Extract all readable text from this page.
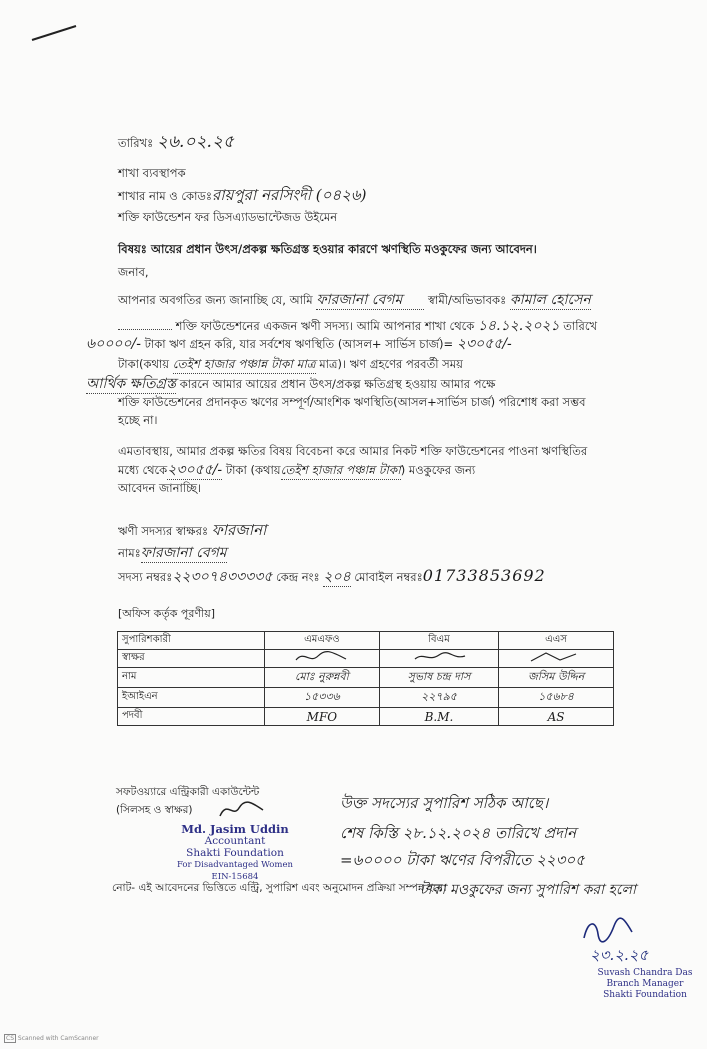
তারিখঃ ২৬.০২.২৫
শাখা ব্যবস্থাপক
শাখার নাম ও কোডঃরায়পুরা নরসিংদী (০৪২৬)
শক্তি ফাউন্ডেশন ফর ডিসএ্যাডভান্টেজড উইমেন
বিষয়ঃ আয়ের প্রধান উৎস/প্রকল্প ক্ষতিগ্রস্ত হওয়ার কারণে ঋণস্থিতি মওকুফের জন্য আবেদন।
জনাব,
আপনার অবগতির জন্য জানাচ্ছি যে, আমি ফারজানা বেগম স্বামী/অভিভাবকঃ কামাল হোসেন
শক্তি ফাউন্ডেশনের একজন ঋণী সদস্য। আমি আপনার শাখা থেকে ১৪.১২.২০২১ তারিখে
৬০০০০/- টাকা ঋণ গ্রহন করি, যার সর্বশেষ ঋণস্থিতি (আসল+ সার্ভিস চার্জ)= ২৩০৫৫/-
টাকা(কথায় তেইশ হাজার পঞ্চান্ন টাকা মাত্র মাত্র)। ঋণ গ্রহণের পরবর্তী সময়
আর্থিক ক্ষতিগ্রস্ত কারনে আমার আয়ের প্রধান উৎস/প্রকল্প ক্ষতিগ্রস্থ হওয়ায় আমার পক্ষে
শক্তি ফাউন্ডেশনের প্রদানকৃত ঋণের সম্পূর্ণ/আংশিক ঋণস্থিতি(আসল+সার্ভিস চার্জ) পরিশোধ করা সম্ভব
হচ্ছে না।
এমতাবস্থায়, আমার প্রকল্প ক্ষতির বিষয় বিবেচনা করে আমার নিকট শক্তি ফাউন্ডেশনের পাওনা ঋণস্থিতির
মধ্যে থেকে২৩০৫৫/- টাকা (কথায়তেইশ হাজার পঞ্চান্ন টাকা) মওকুফের জন্য
আবেদন জানাচ্ছি।
ঋণী সদস্যর স্বাক্ষরঃ ফারজানা
নামঃফারজানা বেগম
সদস্য নম্বরঃ২২৩০৭৪৩৩৩৩৫ কেন্দ্র নংঃ ২০৪ মোবাইল নম্বরঃ01733853692
[অফিস কর্তৃক পূরণীয়]
সুপারিশকারী	এমএফও	বিএম	এএস
স্বাক্ষর			
নাম	মোঃ নুরুন্নবী	সুভাষ চন্দ্র দাস	জসিম উদ্দিন
ইআইএন	১৫৩৩৬	২২৭৯৫	১৫৬৮৪
পদবী	MFO	B.M.	AS
সফটওয়্যারে এন্ট্রিকারী একাউন্টেন্ট
(সিলসহ ও স্বাক্ষর)
Md. Jasim Uddin
Accountant
Shakti Foundation
For Disadvantaged Women
EIN-15684
উক্ত সদস্যের সুপারিশ সঠিক আছে।
শেষ কিস্তি ২৮.১২.২০২৪ তারিখে প্রদান
=৬০০০০ টাকা ঋণের বিপরীতে ২২৩০৫
টাকা মওকুফের জন্য সুপারিশ করা হলো
নোট- এই আবেদনের ভিত্তিতে এন্ট্রি, সুপারিশ এবং অনুমোদন প্রক্রিয়া সম্পন্ন হবে।
২৩.২.২৫
Suvash Chandra Das
Branch Manager
Shakti Foundation
CS Scanned with CamScanner
